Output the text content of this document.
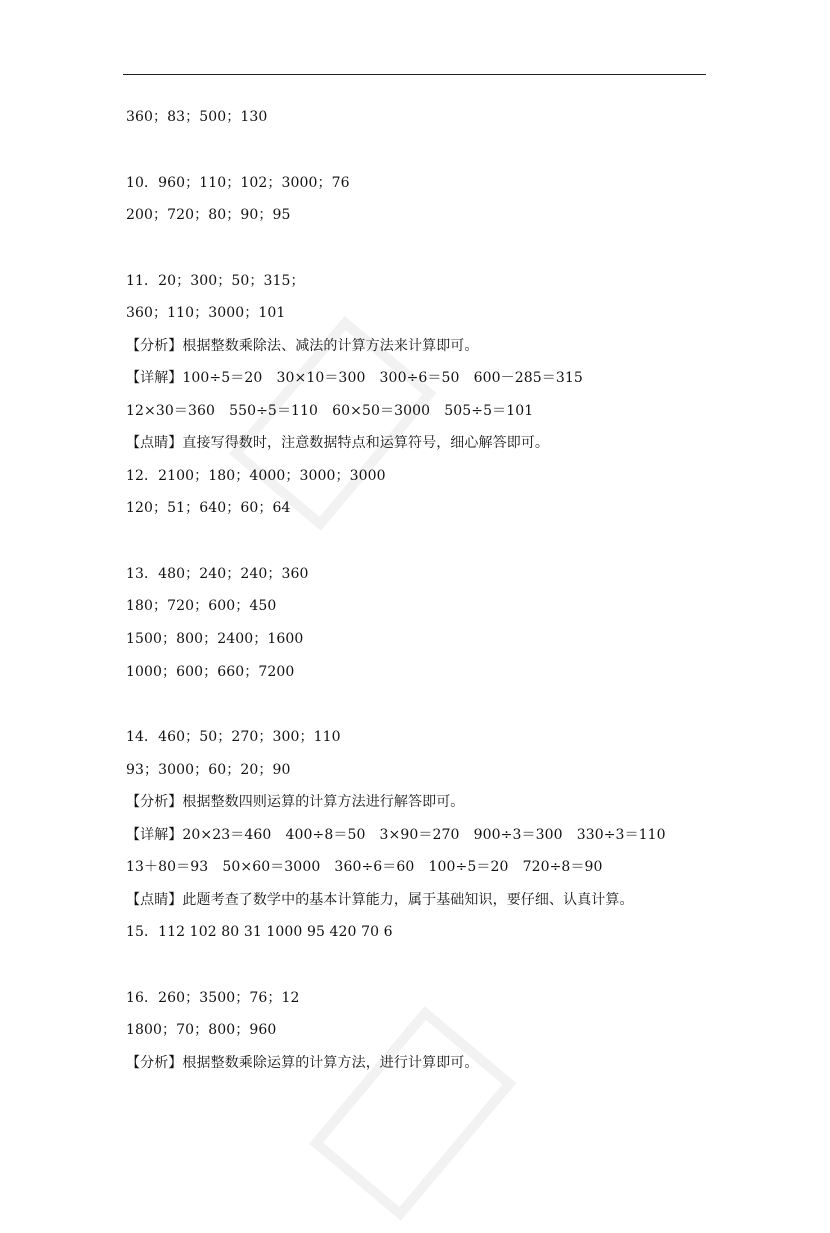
360；83；500；130
10．960；110；102；3000；76
200；720；80；90；95
11．20；300；50；315；
360；110；3000；101
【分析】根据整数乘除法、减法的计算方法来计算即可。
【详解】100÷5＝20　30×10＝300　300÷6＝50　600－285＝315
12×30＝360　550÷5＝110　60×50＝3000　505÷5＝101
【点睛】直接写得数时，注意数据特点和运算符号，细心解答即可。
12．2100；180；4000；3000；3000
120；51；640；60；64
13．480；240；240；360
180；720；600；450
1500；800；2400；1600
1000；600；660；7200
14．460；50；270；300；110
93；3000；60；20；90
【分析】根据整数四则运算的计算方法进行解答即可。
【详解】20×23＝460　400÷8＝50　3×90＝270　900÷3＝300　330÷3＝110
13＋80＝93　50×60＝3000　360÷6＝60　100÷5＝20　720÷8＝90
【点睛】此题考查了数学中的基本计算能力，属于基础知识，要仔细、认真计算。
15．112 102 80 31 1000 95 420 70 6
16．260；3500；76；12
1800；70；800；960
【分析】根据整数乘除运算的计算方法，进行计算即可。
